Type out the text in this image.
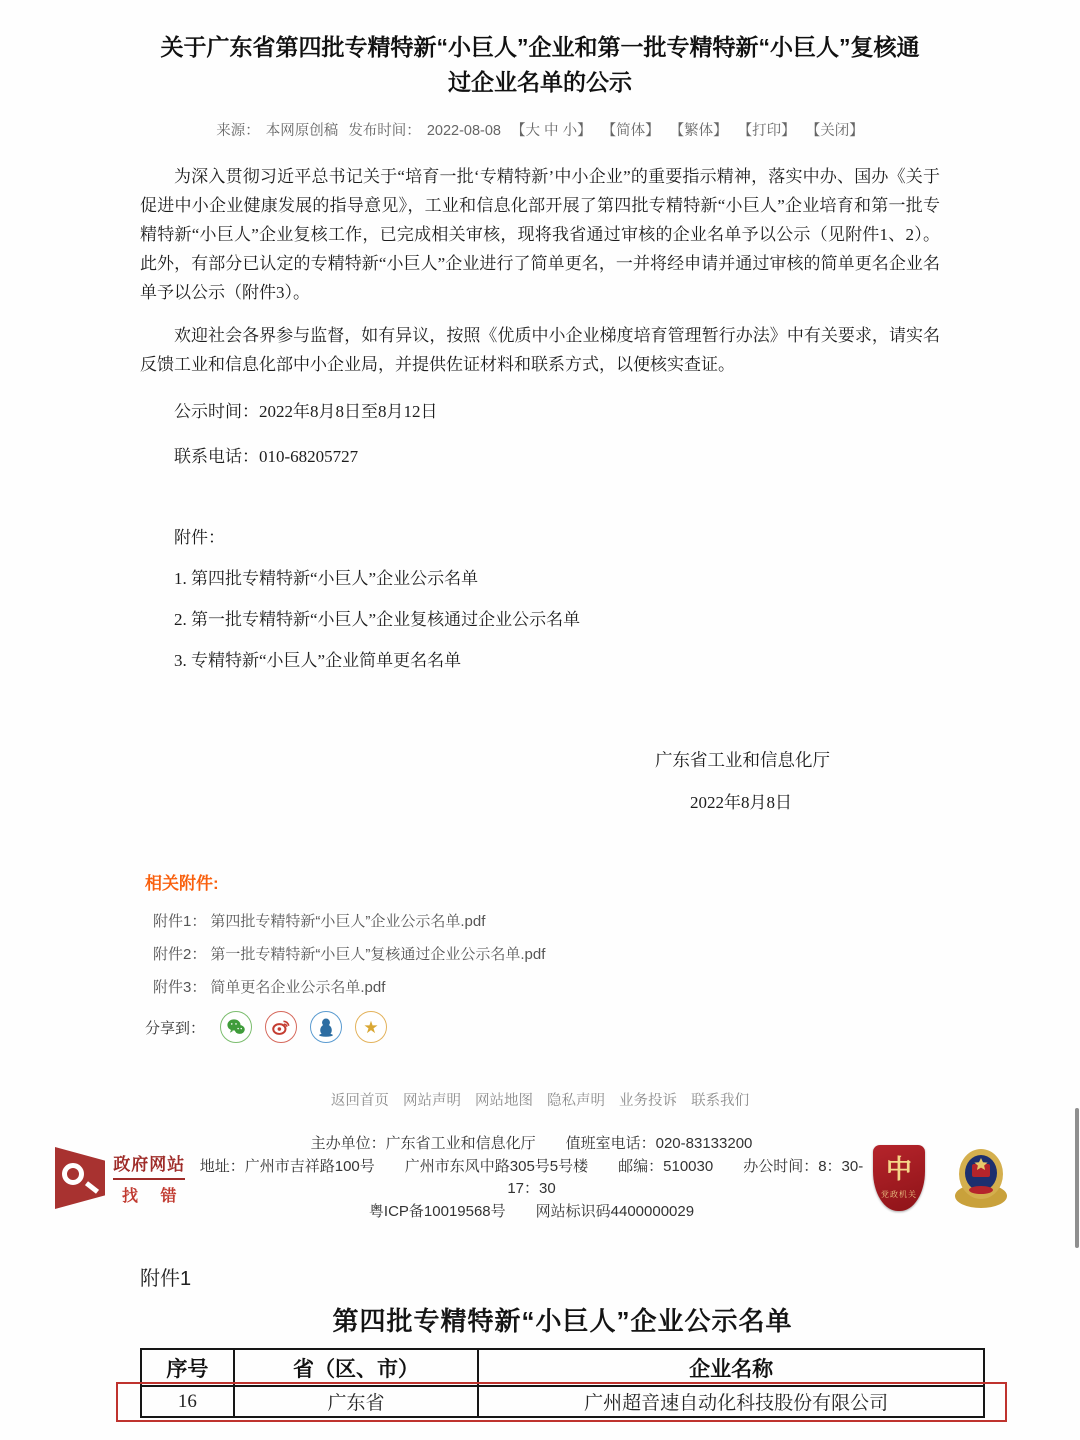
关于广东省第四批专精特新“小巨人”企业和第一批专精特新“小巨人”复核通过企业名单的公示
来源： 本网原创稿 发布时间： 2022-08-08 【大 中 小】 【简体】 【繁体】 【打印】 【关闭】

为深入贯彻习近平总书记关于“培育一批‘专精特新’中小企业”的重要指示精神，落实中办、国办《关于促进中小企业健康发展的指导意见》，工业和信息化部开展了第四批专精特新“小巨人”企业培育和第一批专精特新“小巨人”企业复核工作，已完成相关审核，现将我省通过审核的企业名单予以公示（见附件1、2）。此外，有部分已认定的专精特新“小巨人”企业进行了简单更名，一并将经申请并通过审核的简单更名企业名单予以公示（附件3）。

欢迎社会各界参与监督，如有异议，按照《优质中小企业梯度培育管理暂行办法》中有关要求，请实名反馈工业和信息化部中小企业局，并提供佐证材料和联系方式，以便核实查证。

公示时间：2022年8月8日至8月12日
联系电话：010-68205727
附件：
1. 第四批专精特新“小巨人”企业公示名单
2. 第一批专精特新“小巨人”企业复核通过企业公示名单
3. 专精特新“小巨人”企业简单更名名单
广东省工业和信息化厅
2022年8月8日
相关附件:
附件1： 第四批专精特新“小巨人”企业公示名单.pdf
附件2： 第一批专精特新“小巨人”复核通过企业公示名单.pdf
附件3： 简单更名企业公示名单.pdf
分享到：	★
返回首页 网站声明 网站地图 隐私声明 业务投诉 联系我们
政府网站
找 错
主办单位：广东省工业和信息化厅　　值班室电话：020-83133200
地址：广州市吉祥路100号　　广州市东风中路305号5号楼　　邮编：510030　　办公时间：8：30-17：30
粤ICP备10019568号　　网站标识码4400000029
中
党政机关
附件1
第四批专精特新“小巨人”企业公示名单
序号	省（区、市）	企业名称
16	广东省	广州超音速自动化科技股份有限公司
